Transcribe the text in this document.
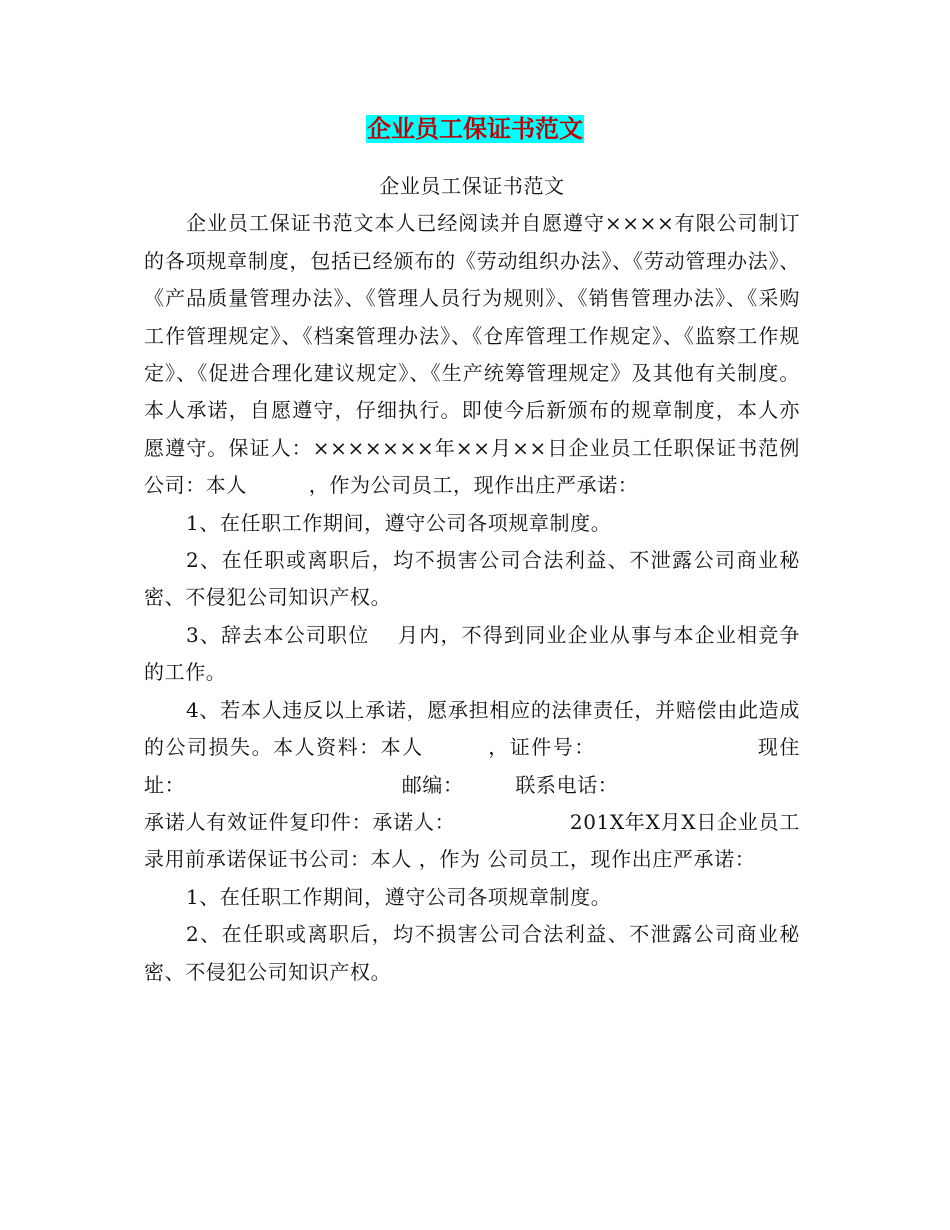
企业员工保证书范文

企业员工保证书范文

企业员工保证书范文本人已经阅读并自愿遵守××××有限公司制订的各项规章制度，包括已经颁布的《劳动组织办法》、《劳动管理办法》、《产品质量管理办法》、《管理人员行为规则》、《销售管理办法》、《采购工作管理规定》、《档案管理办法》、《仓库管理工作规定》、《监察工作规定》、《促进合理化建议规定》、《生产统筹管理规定》及其他有关制度。本人承诺，自愿遵守，仔细执行。即使今后新颁布的规章制度，本人亦愿遵守。保证人：×××××××年××月××日企业员工任职保证书范例公司：本人　　　，作为公司员工，现作出庄严承诺：

1、在任职工作期间，遵守公司各项规章制度。

2、在任职或离职后，均不损害公司合法利益、不泄露公司商业秘密、不侵犯公司知识产权。

3、辞去本公司职位　 月内，不得到同业企业从事与本企业相竞争的工作。

4、若本人违反以上承诺，愿承担相应的法律责任，并赔偿由此造成的公司损失。本人资料：本人　　　，证件号：　　　　　　　　现住址：　　　　　　　　　　　邮编：　　　联系电话：

承诺人有效证件复印件：承诺人：　　　　　　201X年X月X日企业员工录用前承诺保证书公司：本人 ，作为 公司员工，现作出庄严承诺：

1、在任职工作期间，遵守公司各项规章制度。

2、在任职或离职后，均不损害公司合法利益、不泄露公司商业秘密、不侵犯公司知识产权。
